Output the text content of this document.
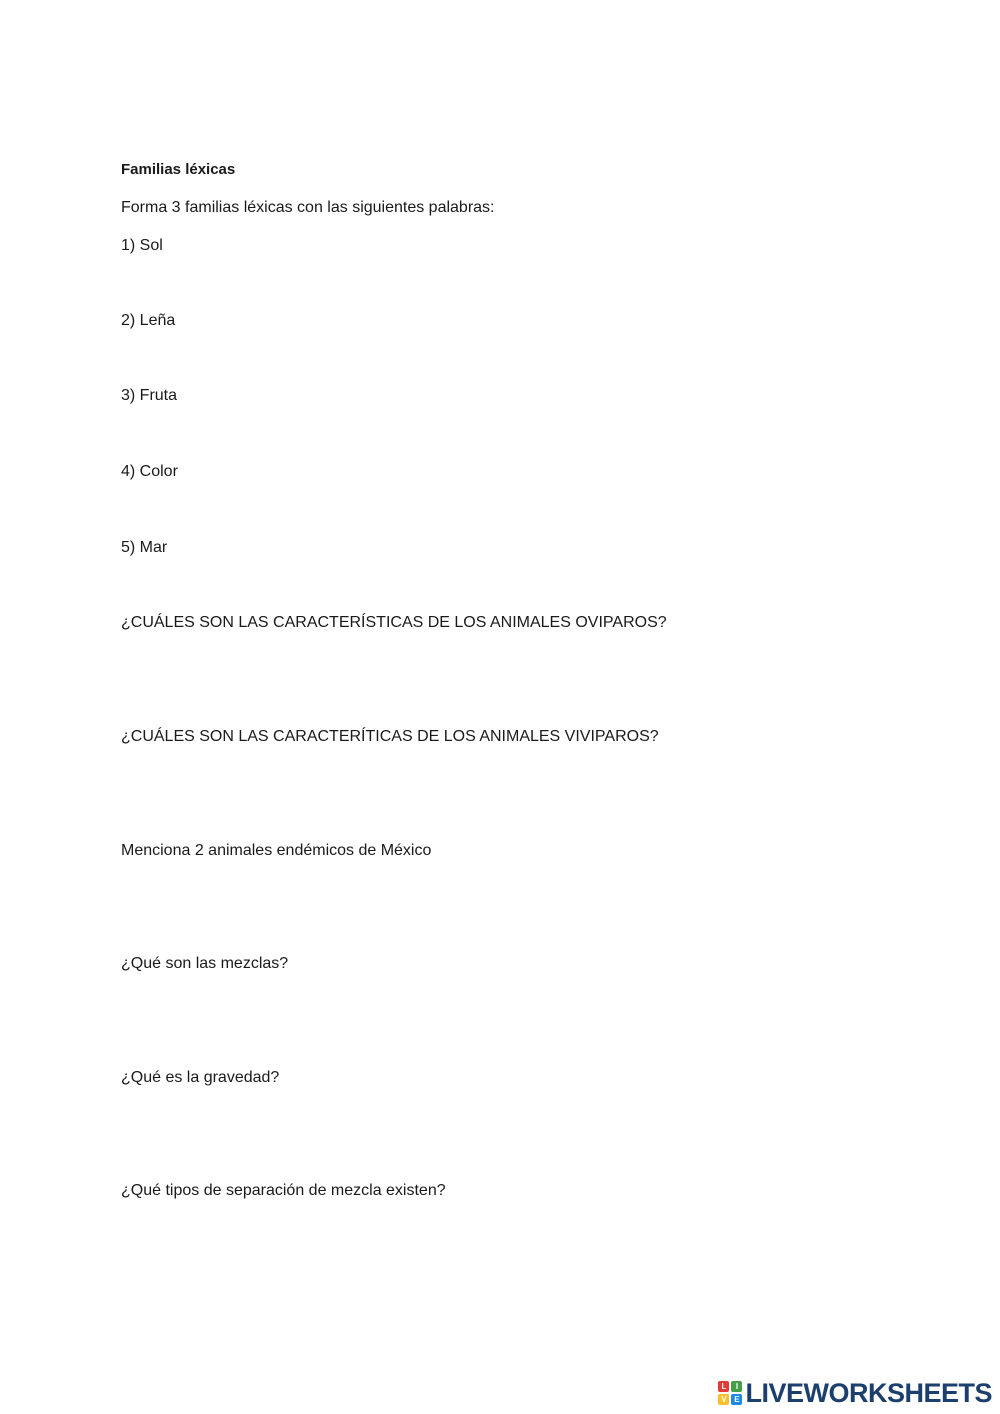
Familias léxicas
Forma 3 familias léxicas con las siguientes palabras:
1) Sol
2) Leña
3) Fruta
4) Color
5) Mar
¿CUÁLES SON LAS CARACTERÍSTICAS DE LOS ANIMALES OVIPAROS?
¿CUÁLES SON LAS CARACTERÍTICAS DE LOS ANIMALES VIVIPAROS?
Menciona 2 animales endémicos de México
¿Qué son las mezclas?
¿Qué es la gravedad?
¿Qué tipos de separación de mezcla existen?
L	I
V E LIVEWORKSHEETS
